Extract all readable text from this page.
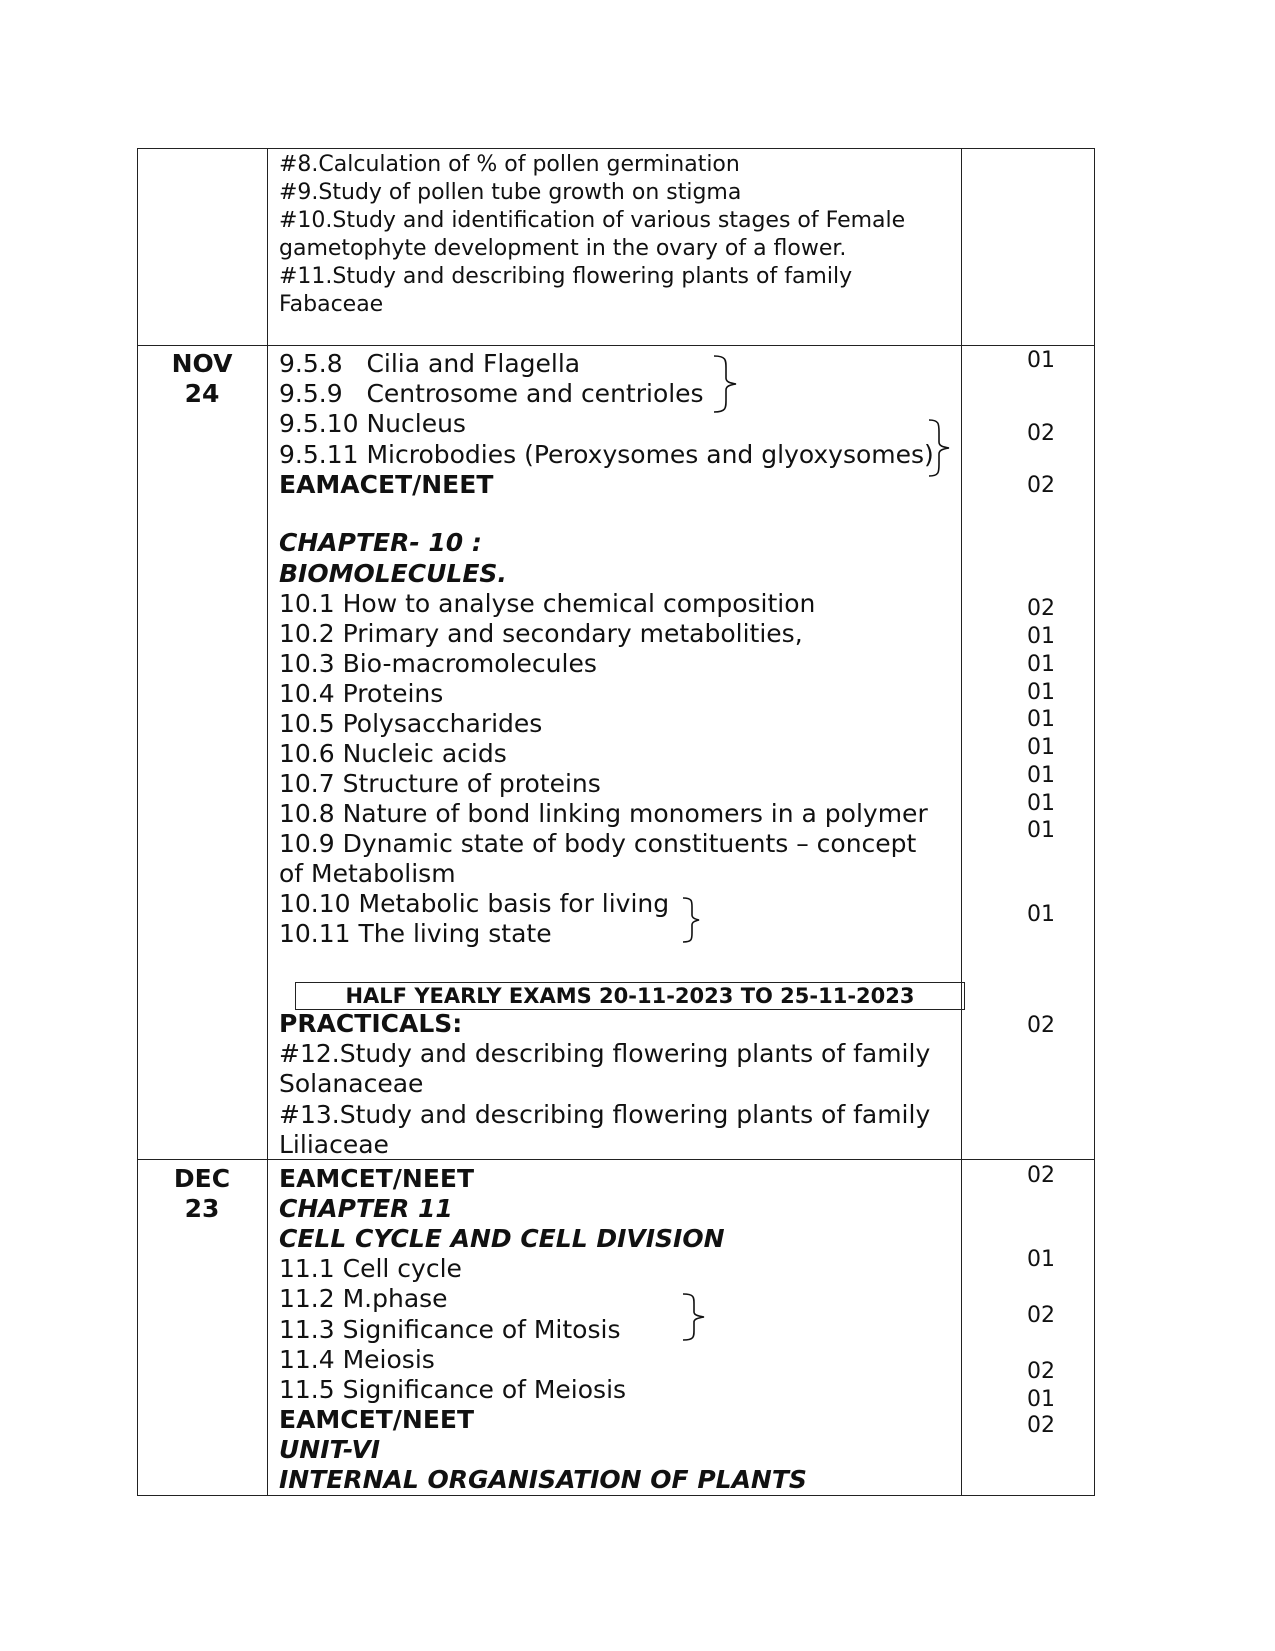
#8.Calculation of % of pollen germination
#9.Study of pollen tube growth on stigma
#10.Study and identification of various stages of Female
gametophyte development in the ovary of a flower.
#11.Study and describing flowering plants of family
Fabaceae
NOV
24
9.5.8   Cilia and Flagella
9.5.9   Centrosome and centrioles
9.5.10 Nucleus
9.5.11 Microbodies (Peroxysomes and glyoxysomes)
EAMACET/NEET
CHAPTER- 10 :
BIOMOLECULES.
10.1 How to analyse chemical composition
10.2 Primary and secondary metabolities,
10.3 Bio-macromolecules
10.4 Proteins
10.5 Polysaccharides
10.6 Nucleic acids
10.7 Structure of proteins
10.8 Nature of bond linking monomers in a polymer
10.9 Dynamic state of body constituents – concept
of Metabolism
10.10 Metabolic basis for living
10.11 The living state
HALF YEARLY EXAMS 20-11-2023 TO 25-11-2023
PRACTICALS:
#12.Study and describing flowering plants of family
Solanaceae
#13.Study and describing flowering plants of family
Liliaceae
01
02
02
02
01
01
01
01
01
01
01
01
01
02
DEC
23
EAMCET/NEET
CHAPTER 11
CELL CYCLE AND CELL DIVISION
11.1 Cell cycle
11.2 M.phase
11.3 Significance of Mitosis
11.4 Meiosis
11.5 Significance of Meiosis
EAMCET/NEET
UNIT-VI
INTERNAL ORGANISATION OF PLANTS
02
01
02
02
01
02
